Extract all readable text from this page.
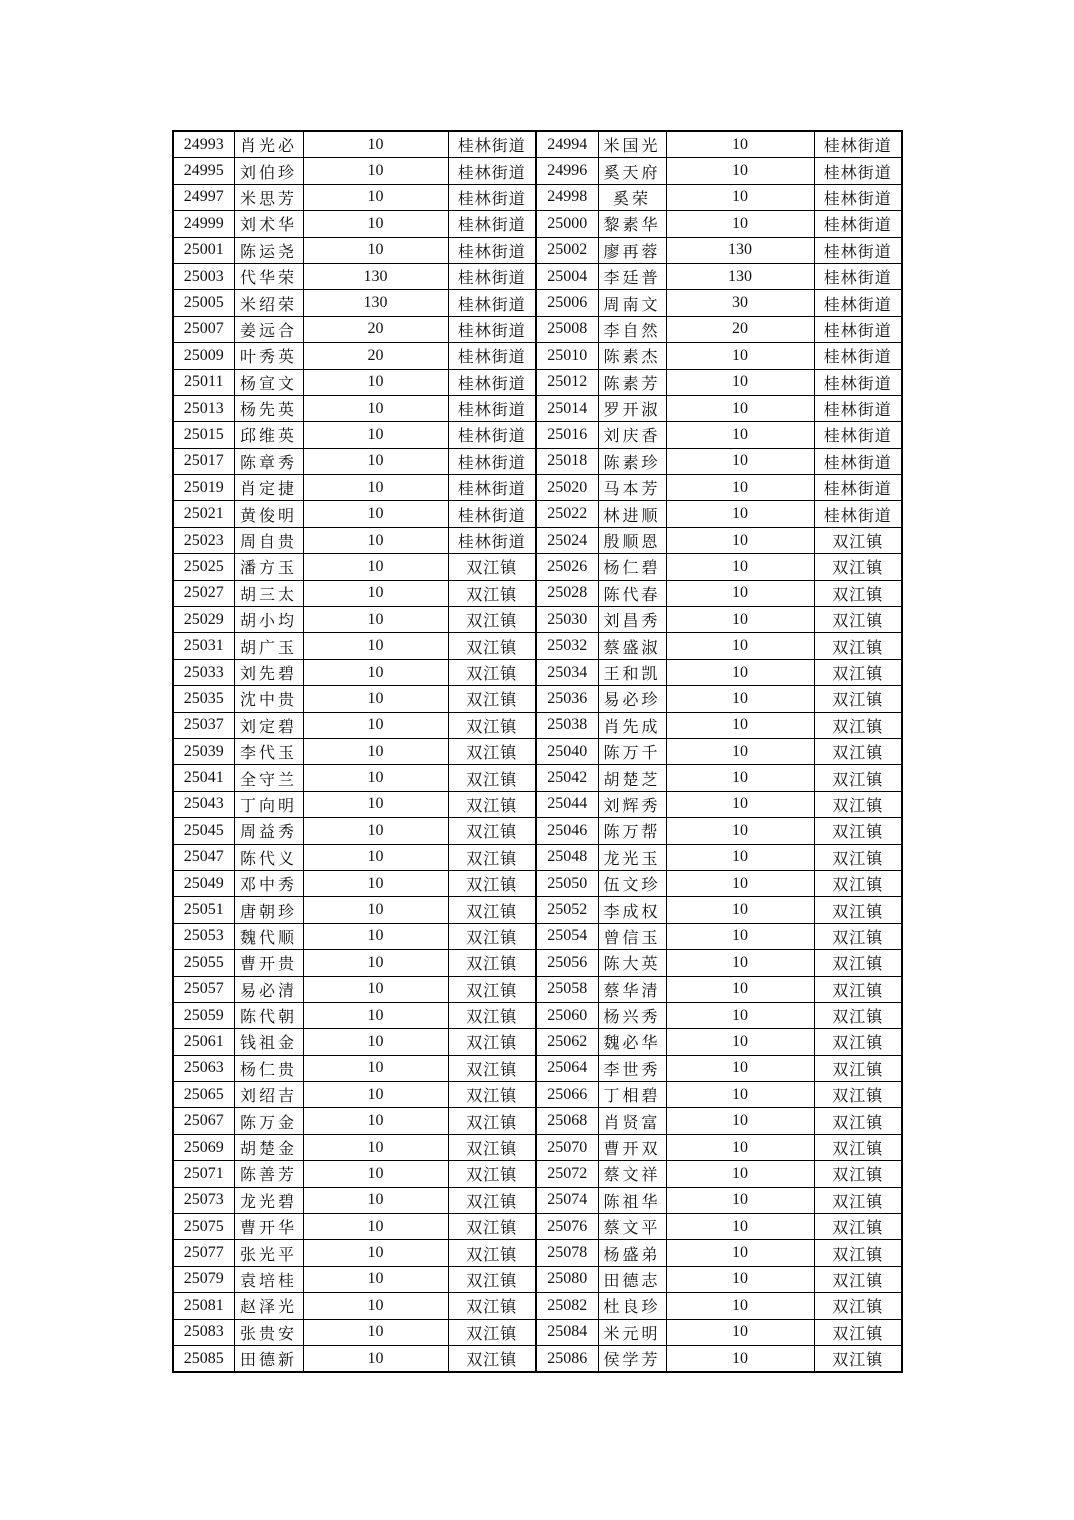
24993	肖光必	10	桂林街道	24994	米国光	10	桂林街道
24995	刘伯珍	10	桂林街道	24996	奚天府	10	桂林街道
24997	米思芳	10	桂林街道	24998	奚荣	10	桂林街道
24999	刘术华	10	桂林街道	25000	黎素华	10	桂林街道
25001	陈运尧	10	桂林街道	25002	廖再蓉	130	桂林街道
25003	代华荣	130	桂林街道	25004	李廷普	130	桂林街道
25005	米绍荣	130	桂林街道	25006	周南文	30	桂林街道
25007	姜远合	20	桂林街道	25008	李自然	20	桂林街道
25009	叶秀英	20	桂林街道	25010	陈素杰	10	桂林街道
25011	杨宣文	10	桂林街道	25012	陈素芳	10	桂林街道
25013	杨先英	10	桂林街道	25014	罗开淑	10	桂林街道
25015	邱维英	10	桂林街道	25016	刘庆香	10	桂林街道
25017	陈章秀	10	桂林街道	25018	陈素珍	10	桂林街道
25019	肖定捷	10	桂林街道	25020	马本芳	10	桂林街道
25021	黄俊明	10	桂林街道	25022	林进顺	10	桂林街道
25023	周自贵	10	桂林街道	25024	殷顺恩	10	双江镇
25025	潘方玉	10	双江镇	25026	杨仁碧	10	双江镇
25027	胡三太	10	双江镇	25028	陈代春	10	双江镇
25029	胡小均	10	双江镇	25030	刘昌秀	10	双江镇
25031	胡广玉	10	双江镇	25032	蔡盛淑	10	双江镇
25033	刘先碧	10	双江镇	25034	王和凯	10	双江镇
25035	沈中贵	10	双江镇	25036	易必珍	10	双江镇
25037	刘定碧	10	双江镇	25038	肖先成	10	双江镇
25039	李代玉	10	双江镇	25040	陈万千	10	双江镇
25041	全守兰	10	双江镇	25042	胡楚芝	10	双江镇
25043	丁向明	10	双江镇	25044	刘辉秀	10	双江镇
25045	周益秀	10	双江镇	25046	陈万帮	10	双江镇
25047	陈代义	10	双江镇	25048	龙光玉	10	双江镇
25049	邓中秀	10	双江镇	25050	伍文珍	10	双江镇
25051	唐朝珍	10	双江镇	25052	李成权	10	双江镇
25053	魏代顺	10	双江镇	25054	曾信玉	10	双江镇
25055	曹开贵	10	双江镇	25056	陈大英	10	双江镇
25057	易必清	10	双江镇	25058	蔡华清	10	双江镇
25059	陈代朝	10	双江镇	25060	杨兴秀	10	双江镇
25061	钱祖金	10	双江镇	25062	魏必华	10	双江镇
25063	杨仁贵	10	双江镇	25064	李世秀	10	双江镇
25065	刘绍吉	10	双江镇	25066	丁相碧	10	双江镇
25067	陈万金	10	双江镇	25068	肖贤富	10	双江镇
25069	胡楚金	10	双江镇	25070	曹开双	10	双江镇
25071	陈善芳	10	双江镇	25072	蔡文祥	10	双江镇
25073	龙光碧	10	双江镇	25074	陈祖华	10	双江镇
25075	曹开华	10	双江镇	25076	蔡文平	10	双江镇
25077	张光平	10	双江镇	25078	杨盛弟	10	双江镇
25079	袁培桂	10	双江镇	25080	田德志	10	双江镇
25081	赵泽光	10	双江镇	25082	杜良珍	10	双江镇
25083	张贵安	10	双江镇	25084	米元明	10	双江镇
25085	田德新	10	双江镇	25086	侯学芳	10	双江镇
